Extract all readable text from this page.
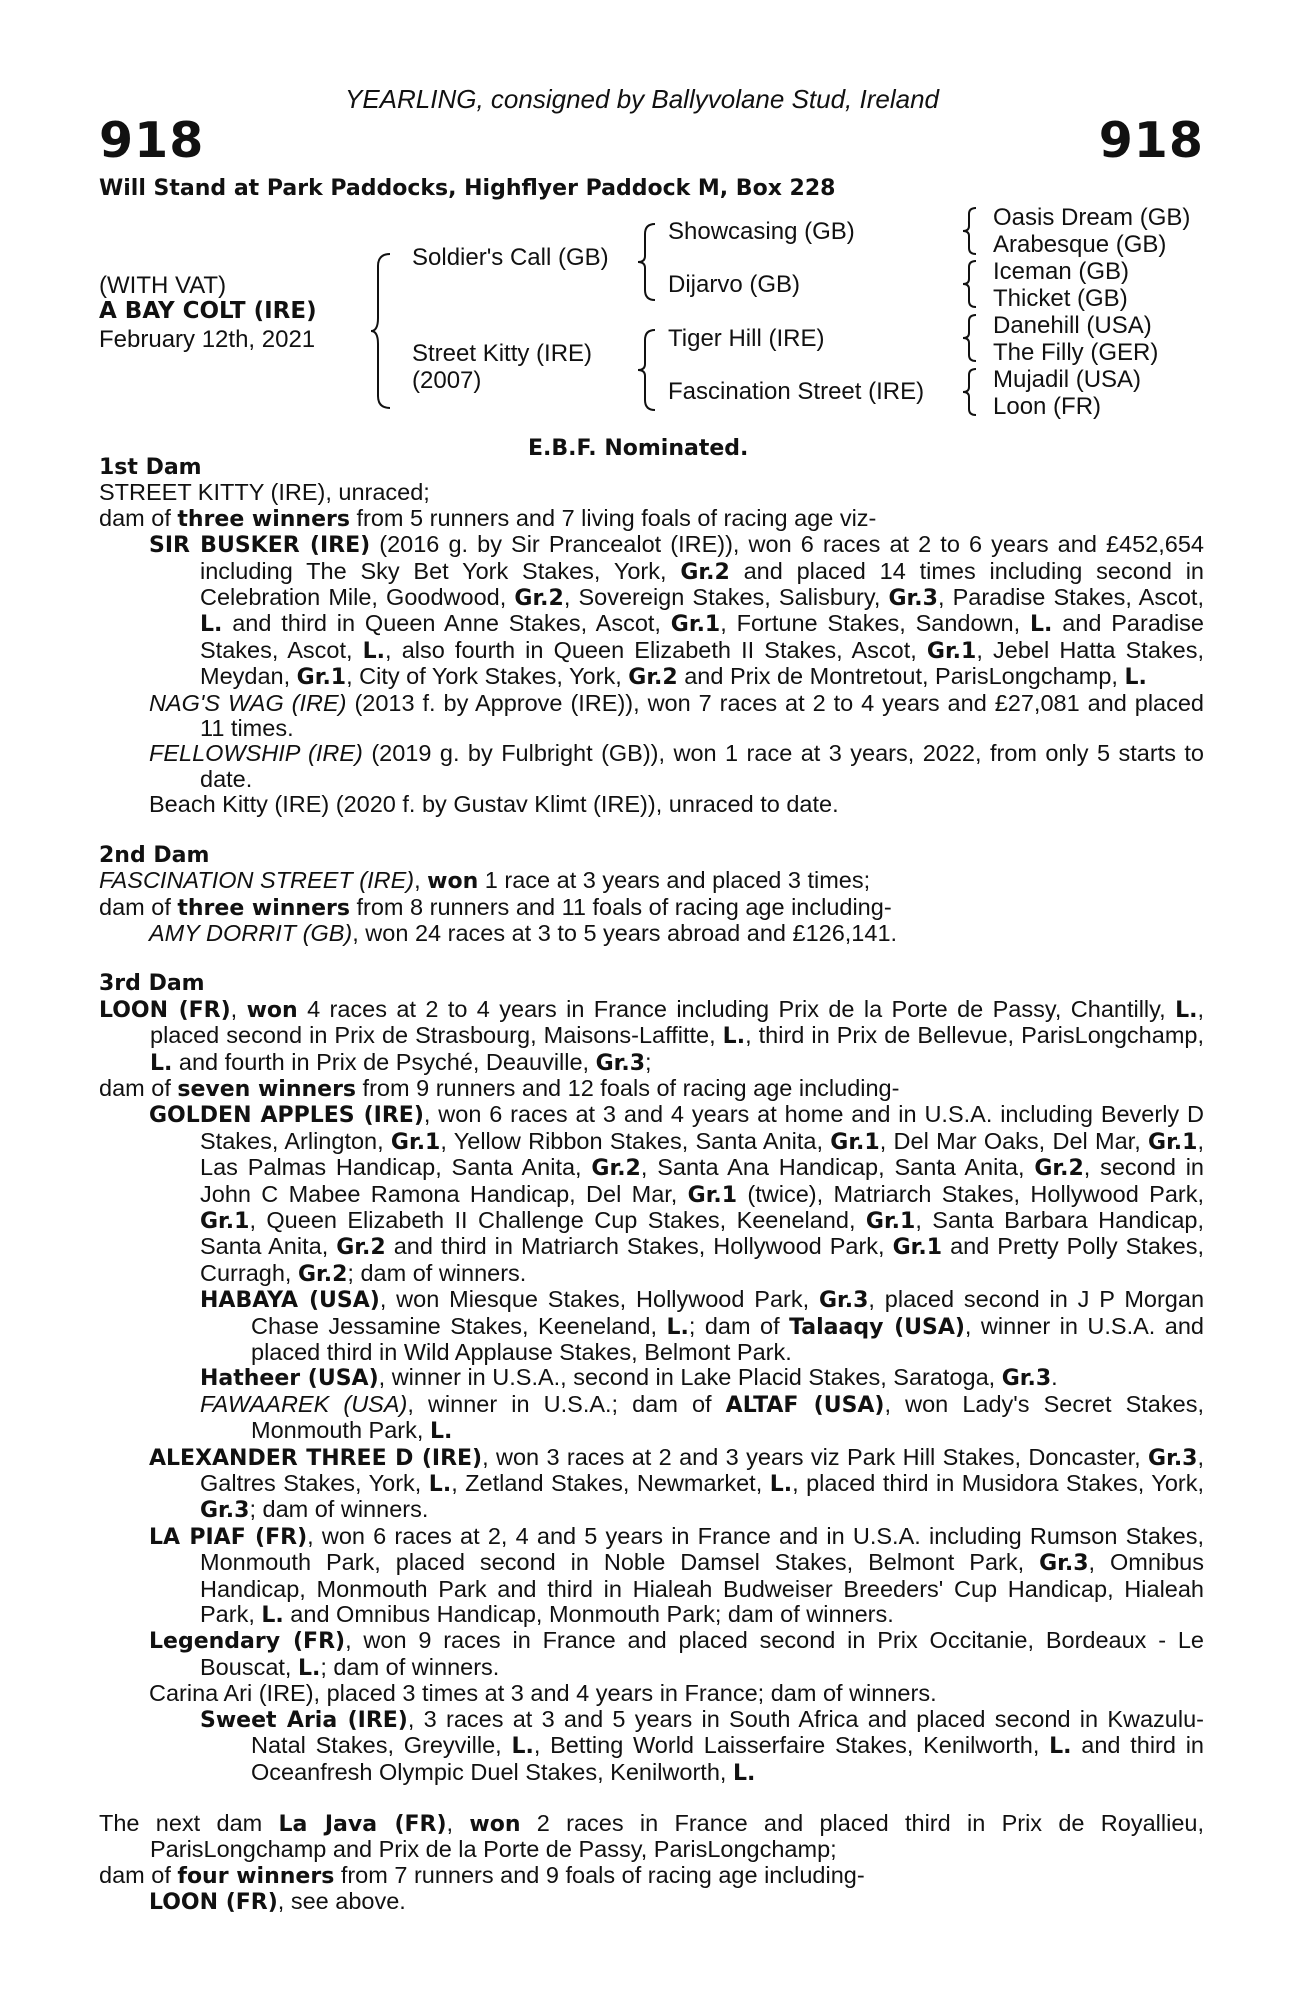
YEARLING, consigned by Ballyvolane Stud, Ireland
918	918
Will Stand at Park Paddocks, Highflyer Paddock M, Box 228
(WITH VAT)
A BAY COLT (IRE)
February 12th, 2021
Soldier's Call (GB)
Street Kitty (IRE)
(2007)
Showcasing (GB)
Dijarvo (GB)
Tiger Hill (IRE)
Fascination Street (IRE)
Oasis Dream (GB)
Arabesque (GB)
Iceman (GB)
Thicket (GB)
Danehill (USA)
The Filly (GER)
Mujadil (USA)
Loon (FR)
E.B.F. Nominated.
1st Dam
STREET KITTY (IRE), unraced;
dam of three winners from 5 runners and 7 living foals of racing age viz-
SIR BUSKER (IRE) (2016 g. by Sir Prancealot (IRE)), won 6 races at 2 to 6 years and £452,654 including The Sky Bet York Stakes, York, Gr.2 and placed 14 times including second in Celebration Mile, Goodwood, Gr.2, Sovereign Stakes, Salisbury, Gr.3, Paradise Stakes, Ascot, L. and third in Queen Anne Stakes, Ascot, Gr.1, Fortune Stakes, Sandown, L. and Paradise Stakes, Ascot, L., also fourth in Queen Elizabeth II Stakes, Ascot, Gr.1, Jebel Hatta Stakes, Meydan, Gr.1, City of York Stakes, York, Gr.2 and Prix de Montretout, ParisLongchamp, L.
NAG'S WAG (IRE) (2013 f. by Approve (IRE)), won 7 races at 2 to 4 years and £27,081 and placed 11 times.
FELLOWSHIP (IRE) (2019 g. by Fulbright (GB)), won 1 race at 3 years, 2022, from only 5 starts to date.
Beach Kitty (IRE) (2020 f. by Gustav Klimt (IRE)), unraced to date.
2nd Dam
FASCINATION STREET (IRE), won 1 race at 3 years and placed 3 times;
dam of three winners from 8 runners and 11 foals of racing age including-
AMY DORRIT (GB), won 24 races at 3 to 5 years abroad and £126,141.
3rd Dam
LOON (FR), won 4 races at 2 to 4 years in France including Prix de la Porte de Passy, Chantilly, L., placed second in Prix de Strasbourg, Maisons-Laffitte, L., third in Prix de Bellevue, ParisLongchamp, L. and fourth in Prix de Psyché, Deauville, Gr.3;
dam of seven winners from 9 runners and 12 foals of racing age including-
GOLDEN APPLES (IRE), won 6 races at 3 and 4 years at home and in U.S.A. including Beverly D Stakes, Arlington, Gr.1, Yellow Ribbon Stakes, Santa Anita, Gr.1, Del Mar Oaks, Del Mar, Gr.1, Las Palmas Handicap, Santa Anita, Gr.2, Santa Ana Handicap, Santa Anita, Gr.2, second in John C Mabee Ramona Handicap, Del Mar, Gr.1 (twice), Matriarch Stakes, Hollywood Park, Gr.1, Queen Elizabeth II Challenge Cup Stakes, Keeneland, Gr.1, Santa Barbara Handicap, Santa Anita, Gr.2 and third in Matriarch Stakes, Hollywood Park, Gr.1 and Pretty Polly Stakes, Curragh, Gr.2; dam of winners.
HABAYA (USA), won Miesque Stakes, Hollywood Park, Gr.3, placed second in J P Morgan Chase Jessamine Stakes, Keeneland, L.; dam of Talaaqy (USA), winner in U.S.A. and placed third in Wild Applause Stakes, Belmont Park.
Hatheer (USA), winner in U.S.A., second in Lake Placid Stakes, Saratoga, Gr.3.
FAWAAREK (USA), winner in U.S.A.; dam of ALTAF (USA), won Lady's Secret Stakes, Monmouth Park, L.
ALEXANDER THREE D (IRE), won 3 races at 2 and 3 years viz Park Hill Stakes, Doncaster, Gr.3, Galtres Stakes, York, L., Zetland Stakes, Newmarket, L., placed third in Musidora Stakes, York, Gr.3; dam of winners.
LA PIAF (FR), won 6 races at 2, 4 and 5 years in France and in U.S.A. including Rumson Stakes, Monmouth Park, placed second in Noble Damsel Stakes, Belmont Park, Gr.3, Omnibus Handicap, Monmouth Park and third in Hialeah Budweiser Breeders' Cup Handicap, Hialeah Park, L. and Omnibus Handicap, Monmouth Park; dam of winners.
Legendary (FR), won 9 races in France and placed second in Prix Occitanie, Bordeaux - Le Bouscat, L.; dam of winners.
Carina Ari (IRE), placed 3 times at 3 and 4 years in France; dam of winners.
Sweet Aria (IRE), 3 races at 3 and 5 years in South Africa and placed second in Kwazulu-Natal Stakes, Greyville, L., Betting World Laisserfaire Stakes, Kenilworth, L. and third in Oceanfresh Olympic Duel Stakes, Kenilworth, L.
The next dam La Java (FR), won 2 races in France and placed third in Prix de Royallieu, ParisLongchamp and Prix de la Porte de Passy, ParisLongchamp;
dam of four winners from 7 runners and 9 foals of racing age including-
LOON (FR), see above.
